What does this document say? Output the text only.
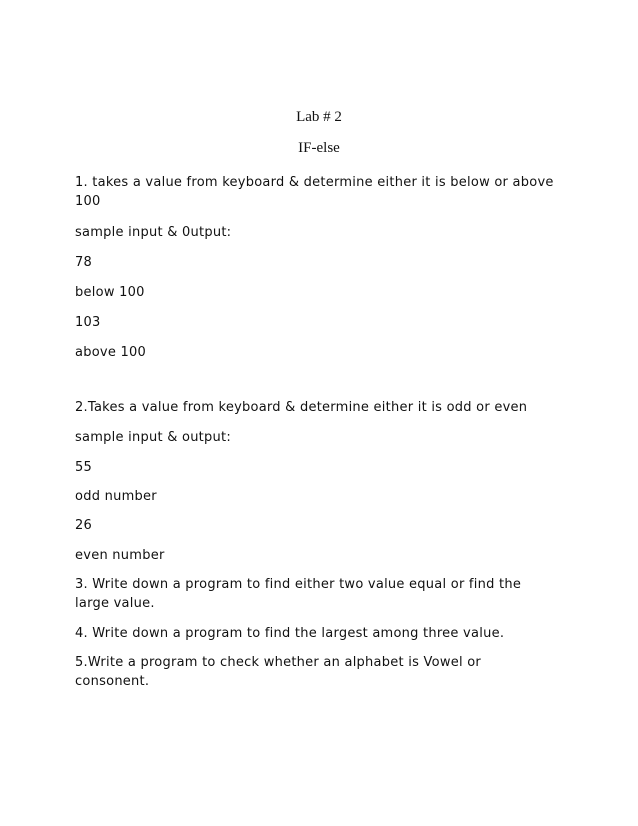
Lab # 2
IF-else
1. takes a value from keyboard & determine either it is below or above
100
sample input & 0utput:
78
below 100
103
above 100
2.Takes a value from keyboard & determine either it is odd or even
sample input & output:
55
odd number
26
even number
3. Write down a program to find either two value equal or find the
large value.
4. Write down a program to find the largest among three value.
5.Write a program to check whether an alphabet is Vowel or
consonent.
